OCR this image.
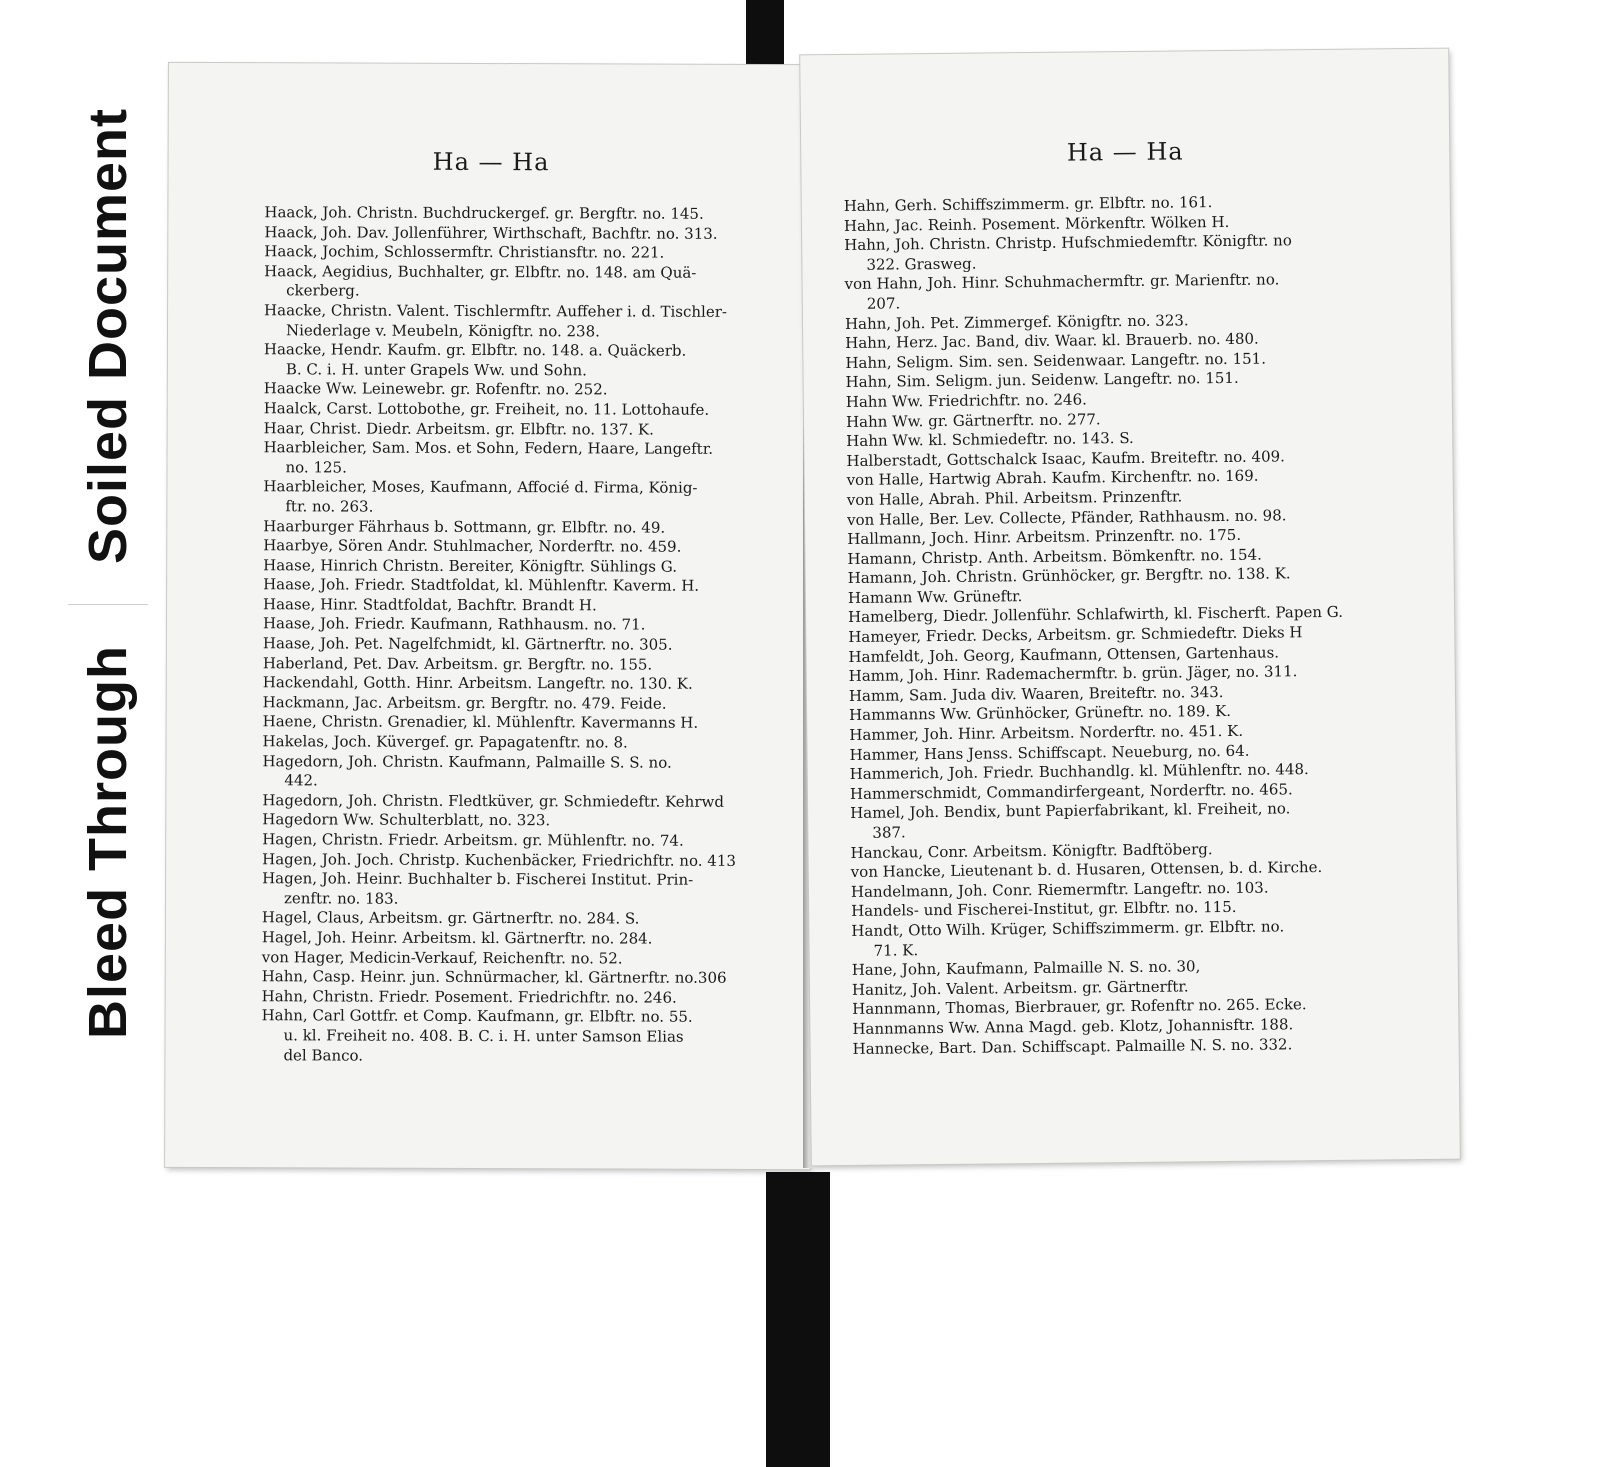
Soiled Document
Bleed Through
Ha — Ha
Haack, Joh. Christn. Buchdruckergef. gr. Bergftr. no. 145.
Haack, Joh. Dav. Jollenführer, Wirthschaft, Bachftr. no. 313.
Haack, Jochim, Schlossermftr. Christiansftr. no. 221.
Haack, Aegidius, Buchhalter, gr. Elbftr. no. 148. am Quä-
ckerberg.
Haacke, Christn. Valent. Tischlermftr. Auffeher i. d. Tischler-
Niederlage v. Meubeln, Königftr. no. 238.
Haacke, Hendr. Kaufm. gr. Elbftr. no. 148. a. Quäckerb.
B. C. i. H. unter Grapels Ww. und Sohn.
Haacke Ww. Leinewebr. gr. Rofenftr. no. 252.
Haalck, Carst. Lottobothe, gr. Freiheit, no. 11. Lottohaufe.
Haar, Christ. Diedr. Arbeitsm. gr. Elbftr. no. 137. K.
Haarbleicher, Sam. Mos. et Sohn, Federn, Haare, Langeftr.
no. 125.
Haarbleicher, Moses, Kaufmann, Affocié d. Firma, König-
ftr. no. 263.
Haarburger Fährhaus b. Sottmann, gr. Elbftr. no. 49.
Haarbye, Sören Andr. Stuhlmacher, Norderftr. no. 459.
Haase, Hinrich Christn. Bereiter, Königftr. Sühlings G.
Haase, Joh. Friedr. Stadtfoldat, kl. Mühlenftr. Kaverm. H.
Haase, Hinr. Stadtfoldat, Bachftr. Brandt H.
Haase, Joh. Friedr. Kaufmann, Rathhausm. no. 71.
Haase, Joh. Pet. Nagelfchmidt, kl. Gärtnerftr. no. 305.
Haberland, Pet. Dav. Arbeitsm. gr. Bergftr. no. 155.
Hackendahl, Gotth. Hinr. Arbeitsm. Langeftr. no. 130. K.
Hackmann, Jac. Arbeitsm. gr. Bergftr. no. 479. Feide.
Haene, Christn. Grenadier, kl. Mühlenftr. Kavermanns H.
Hakelas, Joch. Küvergef. gr. Papagatenftr. no. 8.
Hagedorn, Joh. Christn. Kaufmann, Palmaille S. S. no.
442.
Hagedorn, Joh. Christn. Fledtküver, gr. Schmiedeftr. Kehrwd
Hagedorn Ww. Schulterblatt, no. 323.
Hagen, Christn. Friedr. Arbeitsm. gr. Mühlenftr. no. 74.
Hagen, Joh. Joch. Christp. Kuchenbäcker, Friedrichftr. no. 413
Hagen, Joh. Heinr. Buchhalter b. Fischerei Institut. Prin-
zenftr. no. 183.
Hagel, Claus, Arbeitsm. gr. Gärtnerftr. no. 284. S.
Hagel, Joh. Heinr. Arbeitsm. kl. Gärtnerftr. no. 284.
von Hager, Medicin-Verkauf, Reichenftr. no. 52.
Hahn, Casp. Heinr. jun. Schnürmacher, kl. Gärtnerftr. no.306
Hahn, Christn. Friedr. Posement. Friedrichftr. no. 246.
Hahn, Carl Gottfr. et Comp. Kaufmann, gr. Elbftr. no. 55.
u. kl. Freiheit no. 408. B. C. i. H. unter Samson Elias
del Banco.
Ha — Ha
Hahn, Gerh. Schiffszimmerm. gr. Elbftr. no. 161.
Hahn, Jac. Reinh. Posement. Mörkenftr. Wölken H.
Hahn, Joh. Christn. Christp. Hufschmiedemftr. Königftr. no
322. Grasweg.
von Hahn, Joh. Hinr. Schuhmachermftr. gr. Marienftr. no.
207.
Hahn, Joh. Pet. Zimmergef. Königftr. no. 323.
Hahn, Herz. Jac. Band, div. Waar. kl. Brauerb. no. 480.
Hahn, Seligm. Sim. sen. Seidenwaar. Langeftr. no. 151.
Hahn, Sim. Seligm. jun. Seidenw. Langeftr. no. 151.
Hahn Ww. Friedrichftr. no. 246.
Hahn Ww. gr. Gärtnerftr. no. 277.
Hahn Ww. kl. Schmiedeftr. no. 143. S.
Halberstadt, Gottschalck Isaac, Kaufm. Breiteftr. no. 409.
von Halle, Hartwig Abrah. Kaufm. Kirchenftr. no. 169.
von Halle, Abrah. Phil. Arbeitsm. Prinzenftr.
von Halle, Ber. Lev. Collecte, Pfänder, Rathhausm. no. 98.
Hallmann, Joch. Hinr. Arbeitsm. Prinzenftr. no. 175.
Hamann, Christp. Anth. Arbeitsm. Bömkenftr. no. 154.
Hamann, Joh. Christn. Grünhöcker, gr. Bergftr. no. 138. K.
Hamann Ww. Grüneftr.
Hamelberg, Diedr. Jollenführ. Schlafwirth, kl. Fischerft. Papen G.
Hameyer, Friedr. Decks, Arbeitsm. gr. Schmiedeftr. Dieks H
Hamfeldt, Joh. Georg, Kaufmann, Ottensen, Gartenhaus.
Hamm, Joh. Hinr. Rademachermftr. b. grün. Jäger, no. 311.
Hamm, Sam. Juda div. Waaren, Breiteftr. no. 343.
Hammanns Ww. Grünhöcker, Grüneftr. no. 189. K.
Hammer, Joh. Hinr. Arbeitsm. Norderftr. no. 451. K.
Hammer, Hans Jenss. Schiffscapt. Neueburg, no. 64.
Hammerich, Joh. Friedr. Buchhandlg. kl. Mühlenftr. no. 448.
Hammerschmidt, Commandirfergeant, Norderftr. no. 465.
Hamel, Joh. Bendix, bunt Papierfabrikant, kl. Freiheit, no.
387.
Hanckau, Conr. Arbeitsm. Königftr. Badftöberg.
von Hancke, Lieutenant b. d. Husaren, Ottensen, b. d. Kirche.
Handelmann, Joh. Conr. Riemermftr. Langeftr. no. 103.
Handels- und Fischerei-Institut, gr. Elbftr. no. 115.
Handt, Otto Wilh. Krüger, Schiffszimmerm. gr. Elbftr. no.
71. K.
Hane, John, Kaufmann, Palmaille N. S. no. 30,
Hanitz, Joh. Valent. Arbeitsm. gr. Gärtnerftr.
Hannmann, Thomas, Bierbrauer, gr. Rofenftr no. 265. Ecke.
Hannmanns Ww. Anna Magd. geb. Klotz, Johannisftr. 188.
Hannecke, Bart. Dan. Schiffscapt. Palmaille N. S. no. 332.
